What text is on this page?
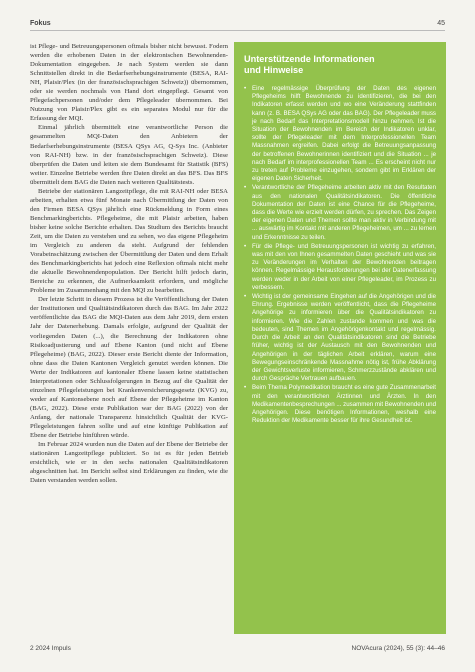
Fokus	45

ist Pflege- und Betreuungspersonen oftmals bisher nicht bewusst. Fodern werden die erhobenen Daten in der elektronischen Bewohnenden-Dokumentation eingegeben. Je nach System werden sie dann Schnittstellen direkt in die Bedarfserhebungsinstrumente (BESA, RAI-NH, Plaisir/Plex (in der französischsprachigen Schweiz)) übernommen, oder sie werden nochmals von Hand dort eingepflegt. Gesamt von Pflegefachpersonen und/oder dem Pflegeleader übernommen. Bei Nutzung von Plaisir/Plex gibt es ein separates Modul nur für die Erfassung der MQI.

Einmal jährlich übermittelt eine verantwortliche Person die gesammelten MQI-Daten den Anbietern der Bedarfserhebungsinstrumente (BESA QSys AG, Q-Sys Inc. (Anbieter von RAI-NH) bzw. in der französischsprachigen Schweiz). Diese überprüfen die Daten und leiten sie dem Bundesamt für Statistik (BFS) weiter. Einzelne Betriebe werden ihre Daten direkt an das BFS. Das BFS übermittelt dem BAG die Daten nach weiteren Qualitätstests.

Betriebe der stationären Langzeitpflege, die mit RAI-NH oder BESA arbeiten, erhalten etwa fünf Monate nach Übermittlung der Daten von den Firmen BESA QSys jährlich eine Rückmeldung in Form eines Benchmarkingberichts. Pflegeheime, die mit Plaisir arbeiten, haben bisher keine solche Berichte erhalten. Das Studium des Berichts braucht Zeit, um die Daten zu verstehen und zu sehen, wo das eigene Pflegeheim im Vergleich zu anderen da steht. Aufgrund der fehlenden Vorabeinschätzung zwischen der Übermittlung der Daten und dem Erhalt des Benchmarkingberichts hat jedoch eine Reflexion oftmals nicht mehr die aktuelle Bewohnendenpopulation. Der Bericht hilft jedoch darin, Bereiche zu erkennen, die Aufmerksamkeit erfordern, und mögliche Probleme im Zusammenhang mit den MQI zu bearbeiten.

Der letzte Schritt in diesem Prozess ist die Veröffentlichung der Daten der Institutionen und Qualitätsindikatoren durch das BAG. Im Jahr 2022 veröffentlichte das BAG die MQI-Daten aus dem Jahr 2019, dem ersten Jahr der Datenerhebung. Damals erfolgte, aufgrund der Qualität der vorliegenden Daten (...), die Berechnung der Indikatoren ohne Risikoadjustierung und auf Ebene Kanton (und nicht auf Ebene Pflegeheime) (BAG, 2022). Dieser erste Bericht diente der Information, ohne dass die Daten Kantonen Vergleich genutzt werden können. Die Werte der Indikatoren auf kantonaler Ebene lassen keine statistischen Interpretationen oder Schlussfolgerungen in Bezug auf die Qualität der einzelnen Pflegeleistungen bei Krankenversicherungsgesetz (KVG) zu, weder auf Kantonsebene noch auf Ebene der Pflegeheime im Kanton (BAG, 2022). Diese erste Publikation war der BAG (2022) von der Anfang, der nationale Transparenz hinsichtlich Qualität der KVG-Pflegeleistungen fahren sollte und auf eine künftige Publikation auf Ebene der Betriebe hinführen würde.

Im Februar 2024 wurden nun die Daten auf der Ebene der Betriebe der stationären Langzeitpflege publiziert. So ist es für jeden Betrieb ersichtlich, wie er in den sechs nationalen Qualitätsindikatoren abgeschnitten hat. Im Bericht selbst sind Erklärungen zu finden, wie die Daten verstanden werden sollen.

Unterstützende Informationen
und Hinweise
• Eine regelmässige Überprüfung der Daten des eigenen Pflegeheims hilft Bewohnende zu identifizieren, die bei den Indikatoren erfasst werden und wo eine Veränderung stattfinden kann (z. B. BESA QSys AG oder das BAG). Der Pflegeleader muss je nach Bedarf das Interpretationsmodell hinzu nehmen. Ist die Situation der Bewohnenden im Bereich der Indikatoren unklar, sollte der Pflegeleader mit dem Interprofessionellen Team Massnahmen ergreifen. Dabei erfolgt die Betreuungsanpassung der betroffenen Bewohnerinnen identifiziert und die Situation ... je nach Bedarf im interprofessionellen Team ... Es erscheint nicht nur zu treten auf Probleme einzugehen, sondern gibt im Erklären der eigenen Daten Sicherheit.
• Verantwortliche der Pflegeheime arbeiten aktiv mit den Resultaten aus den nationalen Qualitätsindikatoren. Die öffentliche Dokumentation der Daten ist eine Chance für die Pflegeheime, dass die Werte wie erzielt werden dürfen, zu sprechen. Das Zeigen der eigenen Daten und Themen sollte man aktiv in Verbindung mit ... auswärtig im Kontakt mit anderen Pflegeheimen, um ... zu lernen und Erkenntnisse zu teilen.
• Für die Pflege- und Betreuungspersonen ist wichtig zu erfahren, was mit den von Ihnen gesammelten Daten geschieht und was sie zu Veränderungen im Verhalten der Bewohnenden beitragen können. Regelmässige Herausforderungen bei der Datenerfassung werden weder in der Arbeit von einer Pflegeleader, im Prozess zu verbessern.
• Wichtig ist der gemeinsame Eingehen auf die Angehörigen und die Ehrung. Ergebnisse werden veröffentlicht, dass die Pflegeheime Angehörige zu informieren über die Qualitätsindikatoren zu informieren. Wie die Zahlen zustande kommen und was die bedeuten, sind Themen im Angehörigenkontakt und regelmässig. Durch die Arbeit an den Qualitätsindikatoren sind die Betriebe früher, wichtig ist der Austausch mit den Bewohnenden und Angehörigen in der täglichen Arbeit erklären, warum eine Bewegungseinschränkende Massnahme nötig ist, frühe Abklärung der Gewichtsverluste informieren, Schmerzzustände abklären und durch Gespräche Vertrauen aufbauen.
• Beim Thema Polymedikation braucht es eine gute Zusammenarbeit mit den verantwortlichen Ärztinnen und Ärzten. In den Medikamentenbesprechungen ... zusammen mit Bewohnenden und Angehörigen. Diese benötigen Informationen, weshalb eine Reduktion der Medikamente besser für ihre Gesundheit ist.
2 2024 Impuls	NOVAcura (2024), 55 (3): 44–46
